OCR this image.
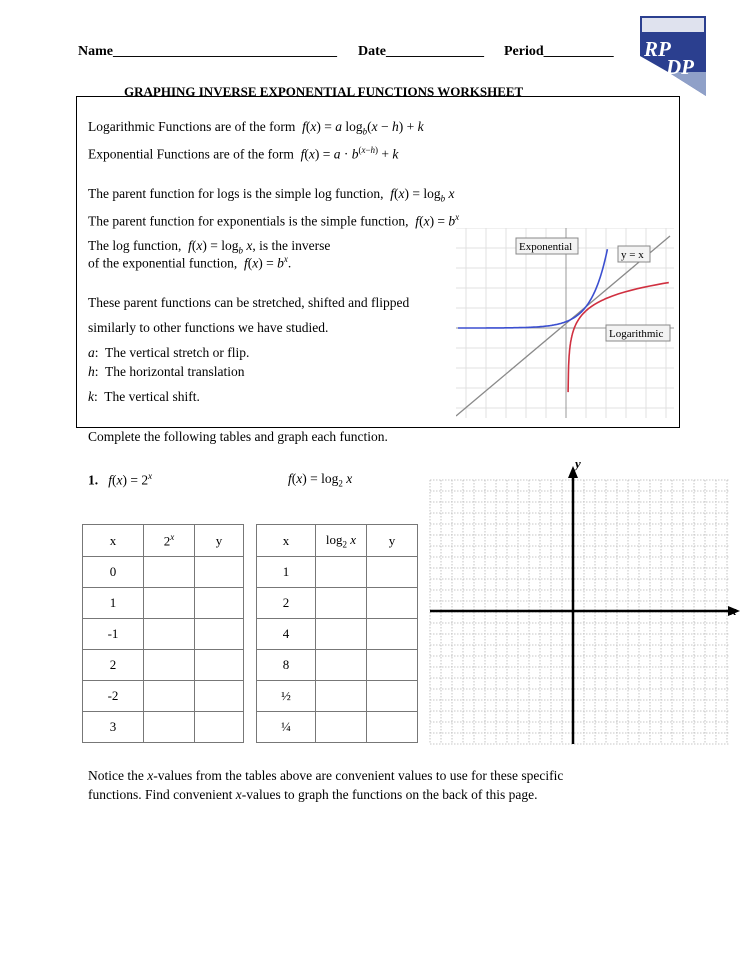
Name________________________________ Date______________ Period__________ RP
DP
GRAPHING INVERSE EXPONENTIAL FUNCTIONS WORKSHEET
Logarithmic Functions are of the form  f(x) = a $\log_b(x - h) + k$
Exponential Functions are of the form  $f(x) = a \cdot b^{(x-h)} + k$
The parent function for logs is the simple log function,  $f(x) = \log_b x$
The parent function for exponentials is the simple function,  $f(x) = b^x$
The log function,  $f(x) = \log_b x$, is the inverse
of the exponential function,  $f(x) = b^x$.
These parent functions can be stretched, shifted and flipped
similarly to other functions we have studied.
a:  The vertical stretch or flip.
h:  The horizontal translation
k:  The vertical shift.
Exponential
y = x
Logarithmic
Complete the following tables and graph each function.
1. $f(x) = 2^x$	$f(x) = \log_2 x$
x	2$^x$	y
0		
1		
-1		
2		
-2		
3		
x	$\log_2 x$	y
1		
2		
4		
8		
½		
¼		
x
y
Notice the x-values from the tables above are convenient values to use for these specific
functions. Find convenient x-values to graph the functions on the back of this page.
